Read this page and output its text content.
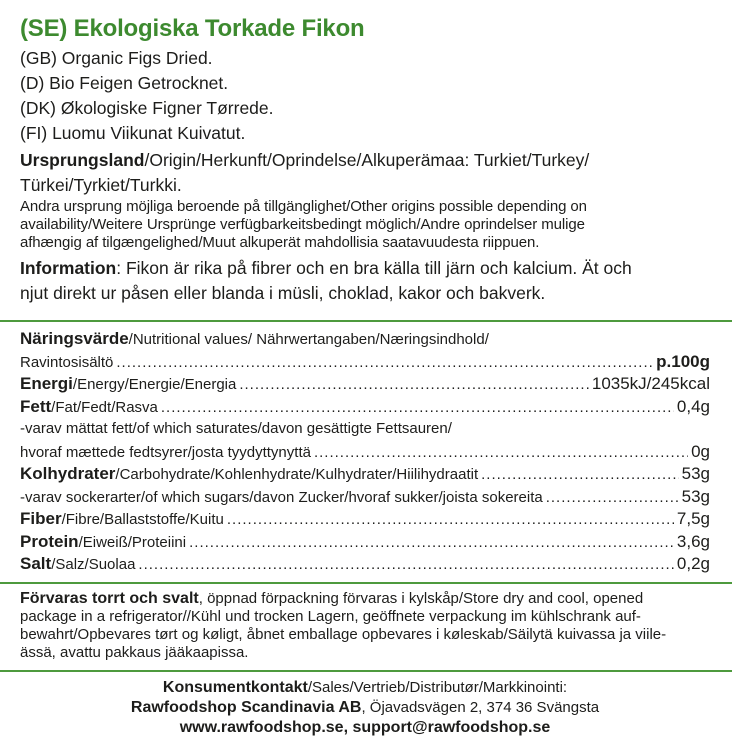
(SE) Ekologiska Torkade Fikon
(GB) Organic Figs Dried.
(D) Bio Feigen Getrocknet.
(DK) Økologiske Figner Tørrede.
(FI) Luomu Viikunat Kuivatut.
Ursprungsland/Origin/Herkunft/Oprindelse/Alkuperämaa: Turkiet/Turkey/
Türkei/Tyrkiet/Turkki.
Andra ursprung möjliga beroende på tillgänglighet/Other origins possible depending on
availability/Weitere Ursprünge verfügbarkeitsbedingt möglich/Andre oprindelser mulige
afhængig af tilgængelighed/Muut alkuperät mahdollisia saatavuudesta riippuen.
Information: Fikon är rika på fibrer och en bra källa till järn och kalcium. Ät och
njut direkt ur påsen eller blanda i müsli, choklad, kakor och bakverk.
Näringsvärde/Nutritional values/ Nährwertangaben/Næringsindhold/
Ravintosisältö .....	p.100g
Energi/Energy/Energie/Energia .....	1035kJ/245kcal
Fett/Fat/Fedt/Rasva .....	0,4g
-varav mättat fett/of which saturates/davon gesättigte Fettsauren/
hvoraf mættede fedtsyrer/josta tyydyttynyttä .....	0g
Kolhydrater/Carbohydrate/Kohlenhydrate/Kulhydrater/Hiilihydraatit .....	53g
-varav sockerarter/of which sugars/davon Zucker/hvoraf sukker/joista sokereita .....	53g
Fiber/Fibre/Ballaststoffe/Kuitu .....	7,5g
Protein/Eiweiß/Proteiini .....	3,6g
Salt/Salz/Suolaa .....	0,2g
Förvaras torrt och svalt, öppnad förpackning förvaras i kylskåp/Store dry and cool, opened
package in a refrigerator//Kühl und trocken Lagern, geöffnete verpackung im kühlschrank auf-
bewahrt/Opbevares tørt og køligt, åbnet emballage opbevares i køleskab/Säilytä kuivassa ja viile-
ässä, avattu pakkaus jääkaapissa.
Konsumentkontakt/Sales/Vertrieb/Distributør/Markkinointi:
Rawfoodshop Scandinavia AB, Öjavadsvägen 2, 374 36 Svängsta
www.rawfoodshop.se, support@rawfoodshop.se
